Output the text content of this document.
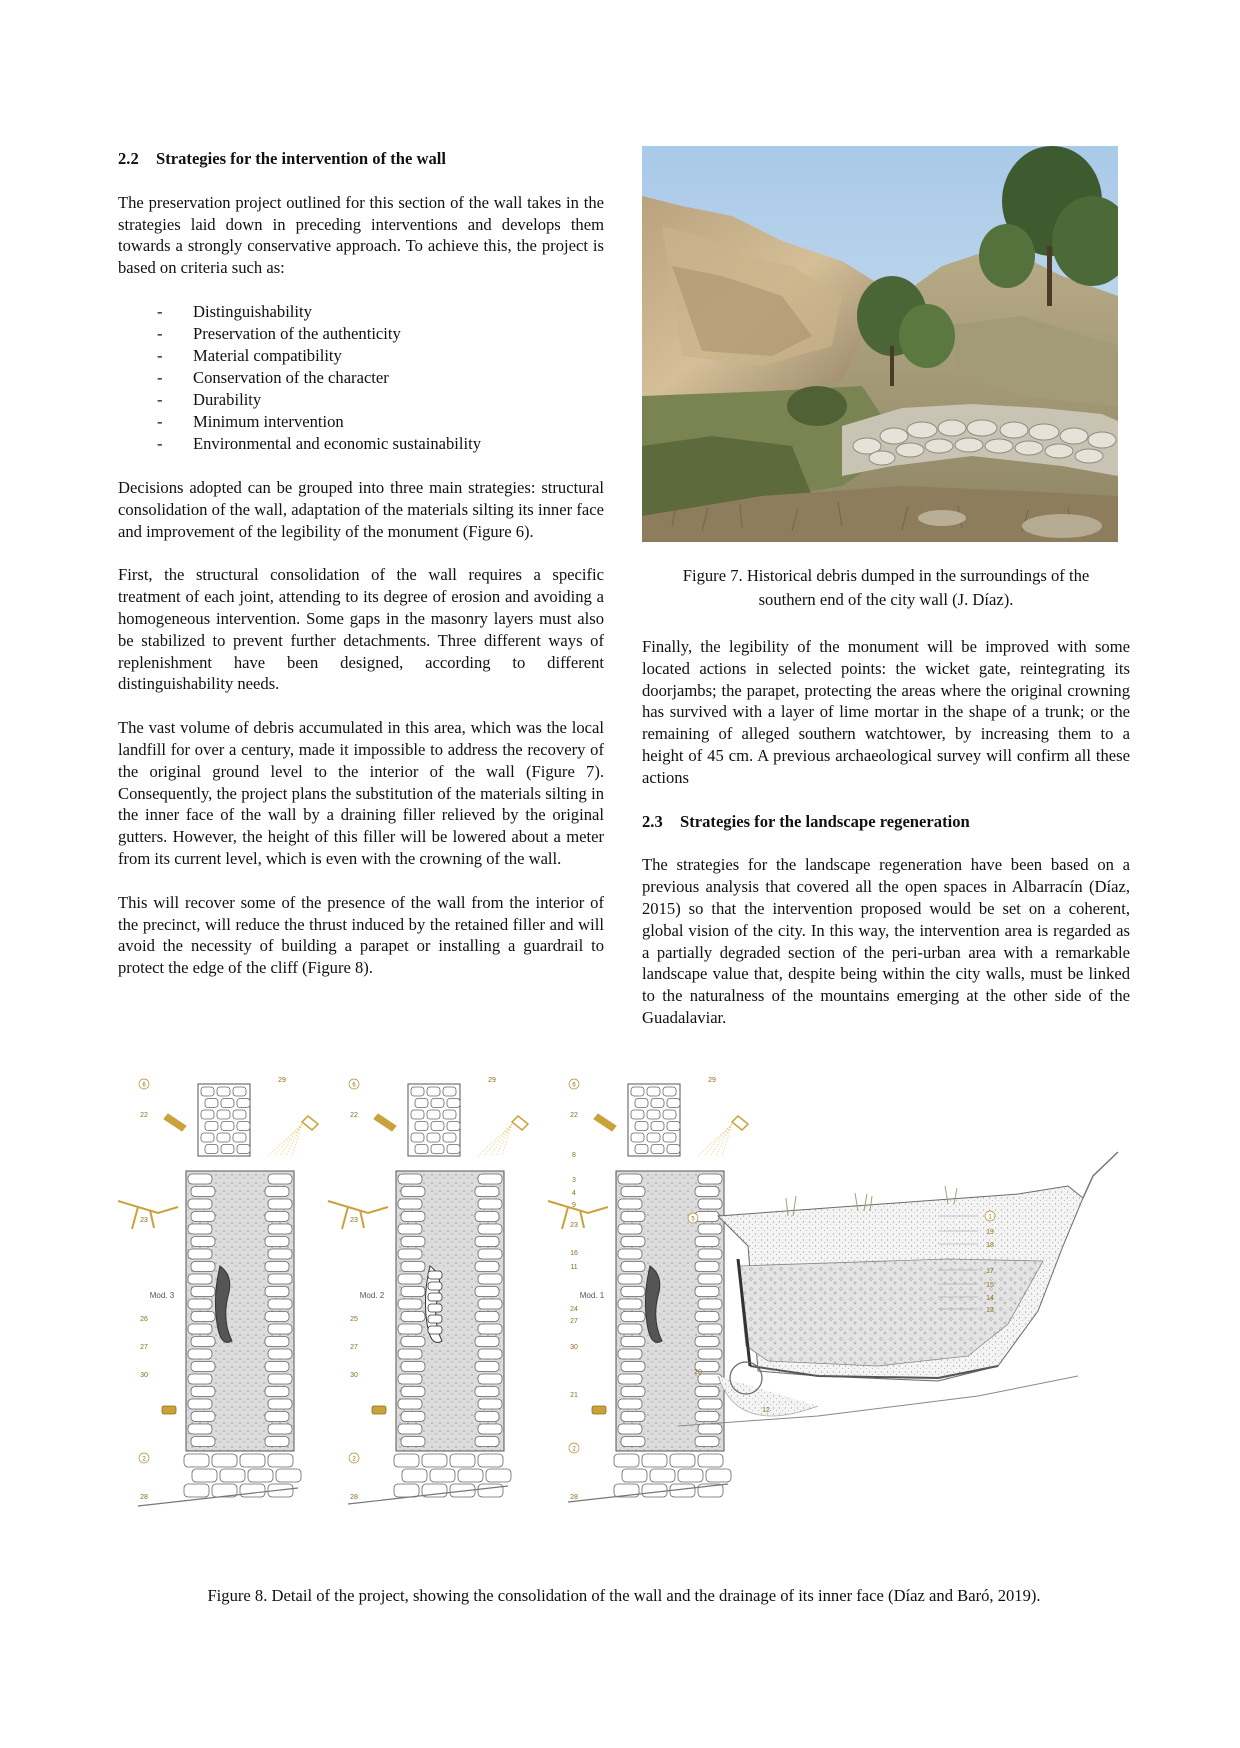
2.2 Strategies for the intervention of the wall

The preservation project outlined for this section of the wall takes in the strategies laid down in preceding interventions and develops them towards a strongly conservative approach. To achieve this, the project is based on criteria such as:

-	Distinguishability
-	Preservation of the authenticity
-	Material compatibility
-	Conservation of the character
-	Durability
-	Minimum intervention
-	Environmental and economic sustainability

Decisions adopted can be grouped into three main strategies: structural consolidation of the wall, adaptation of the materials silting its inner face and improvement of the legibility of the monument (Figure 6).

First, the structural consolidation of the wall requires a specific treatment of each joint, attending to its degree of erosion and avoiding a homogeneous intervention. Some gaps in the masonry layers must also be stabilized to prevent further detachments. Three different ways of replenishment have been designed, according to different distinguishability needs.

The vast volume of debris accumulated in this area, which was the local landfill for over a century, made it impossible to address the recovery of the original ground level to the interior of the wall (Figure 7). Consequently, the project plans the substitution of the materials silting in the inner face of the wall by a draining filler relieved by the original gutters. However, the height of this filler will be lowered about a meter from its current level, which is even with the crowning of the wall.

This will recover some of the presence of the wall from the interior of the precinct, will reduce the thrust induced by the retained filler and will avoid the necessity of building a parapet or installing a guardrail to protect the edge of the cliff (Figure 8).

Figure 7. Historical debris dumped in the surroundings of the
southern end of the city wall (J. Díaz).

Finally, the legibility of the monument will be improved with some located actions in selected points: the wicket gate, reintegrating its doorjambs; the parapet, protecting the areas where the original crowning has survived with a layer of lime mortar in the shape of a trunk; or the remaining of alleged southern watchtower, by increasing them to a height of 45 cm. A previous archaeological survey will confirm all these actions

2.3 Strategies for the landscape regeneration

The strategies for the landscape regeneration have been based on a previous analysis that covered all the open spaces in Albarracín (Díaz, 2015) so that the intervention proposed would be set on a coherent, global vision of the city. In this way, the intervention area is regarded as a partially degraded section of the peri-urban area with a remarkable landscape value that, despite being within the city walls, must be linked to the naturalness of the mountains emerging at the other side of the Guadalaviar.

Mod. 3
6
22
23
26
27
30
2
28
29
Mod. 2
6
22
23
25
27
30
2
28
29
Mod. 1
6
22
8
3
4
9
23
16
11
24
27
30
21
2
28
29
5
20
12
1
19
18
17
15
14
13
Figure 8. Detail of the project, showing the consolidation of the wall and the drainage of its inner face (Díaz and Baró, 2019).
